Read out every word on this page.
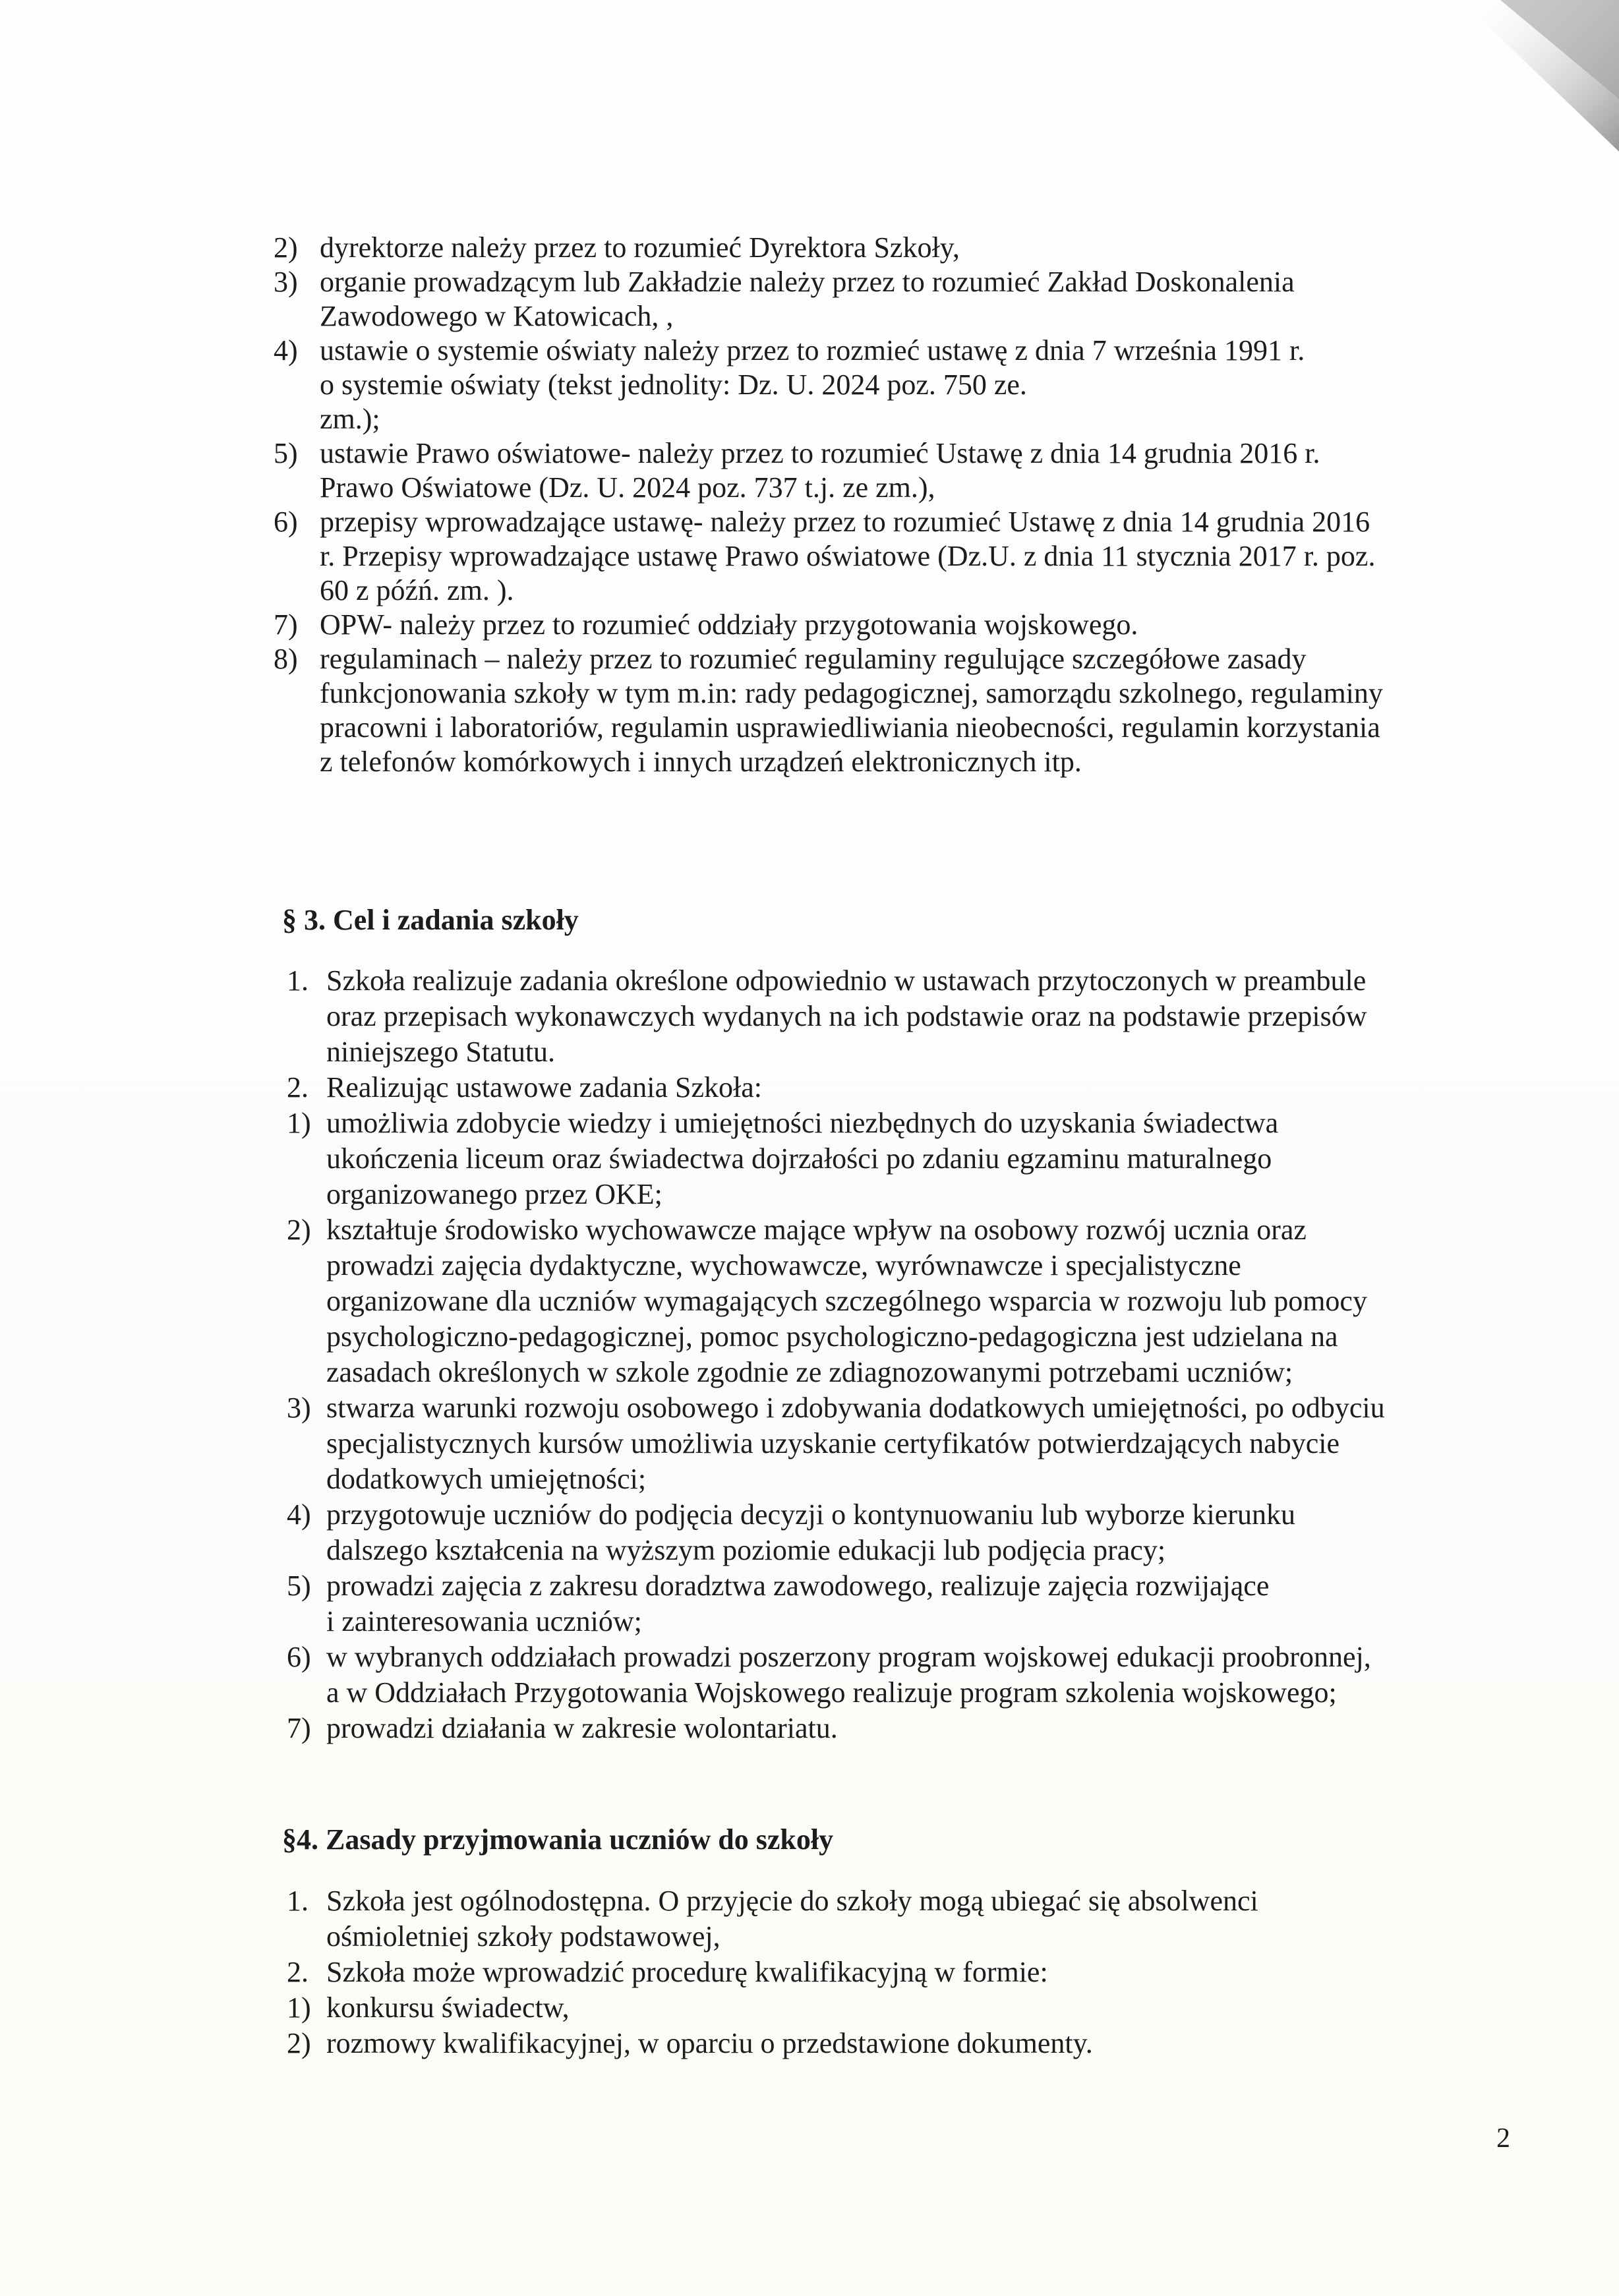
2) dyrektorze należy przez to rozumieć Dyrektora Szkoły,
3) organie prowadzącym lub Zakładzie należy przez to rozumieć Zakład Doskonalenia
Zawodowego w Katowicach, ,
4) ustawie o systemie oświaty należy przez to rozmieć ustawę z dnia 7 września 1991 r.
o systemie oświaty (tekst jednolity: Dz. U. 2024 poz. 750 ze.
zm.);
5) ustawie Prawo oświatowe- należy przez to rozumieć Ustawę z dnia 14 grudnia 2016 r.
Prawo Oświatowe (Dz. U. 2024 poz. 737 t.j. ze zm.),
6) przepisy wprowadzające ustawę- należy przez to rozumieć Ustawę z dnia 14 grudnia 2016
r. Przepisy wprowadzające ustawę Prawo oświatowe (Dz.U. z dnia 11 stycznia 2017 r. poz.
60 z późń. zm. ).
7) OPW- należy przez to rozumieć oddziały przygotowania wojskowego.
8) regulaminach – należy przez to rozumieć regulaminy regulujące szczegółowe zasady
funkcjonowania szkoły w tym m.in: rady pedagogicznej, samorządu szkolnego, regulaminy
pracowni i laboratoriów, regulamin usprawiedliwiania nieobecności, regulamin korzystania
z telefonów komórkowych i innych urządzeń elektronicznych itp.
§ 3. Cel i zadania szkoły
1. Szkoła realizuje zadania określone odpowiednio w ustawach przytoczonych w preambule
oraz przepisach wykonawczych wydanych na ich podstawie oraz na podstawie przepisów
niniejszego Statutu.
2. Realizując ustawowe zadania Szkoła:
1) umożliwia zdobycie wiedzy i umiejętności niezbędnych do uzyskania świadectwa
ukończenia liceum oraz świadectwa dojrzałości po zdaniu egzaminu maturalnego
organizowanego przez OKE;
2) kształtuje środowisko wychowawcze mające wpływ na osobowy rozwój ucznia oraz
prowadzi zajęcia dydaktyczne, wychowawcze, wyrównawcze i specjalistyczne
organizowane dla uczniów wymagających szczególnego wsparcia w rozwoju lub pomocy
psychologiczno-pedagogicznej, pomoc psychologiczno-pedagogiczna jest udzielana na
zasadach określonych w szkole zgodnie ze zdiagnozowanymi potrzebami uczniów;
3) stwarza warunki rozwoju osobowego i zdobywania dodatkowych umiejętności, po odbyciu
specjalistycznych kursów umożliwia uzyskanie certyfikatów potwierdzających nabycie
dodatkowych umiejętności;
4) przygotowuje uczniów do podjęcia decyzji o kontynuowaniu lub wyborze kierunku
dalszego kształcenia na wyższym poziomie edukacji lub podjęcia pracy;
5) prowadzi zajęcia z zakresu doradztwa zawodowego, realizuje zajęcia rozwijające
i zainteresowania uczniów;
6) w wybranych oddziałach prowadzi poszerzony program wojskowej edukacji proobronnej,
a w Oddziałach Przygotowania Wojskowego realizuje program szkolenia wojskowego;
7) prowadzi działania w zakresie wolontariatu.
§4. Zasady przyjmowania uczniów do szkoły
1. Szkoła jest ogólnodostępna. O przyjęcie do szkoły mogą ubiegać się absolwenci
ośmioletniej szkoły podstawowej,
2. Szkoła może wprowadzić procedurę kwalifikacyjną w formie:
1) konkursu świadectw,
2) rozmowy kwalifikacyjnej, w oparciu o przedstawione dokumenty.
2
